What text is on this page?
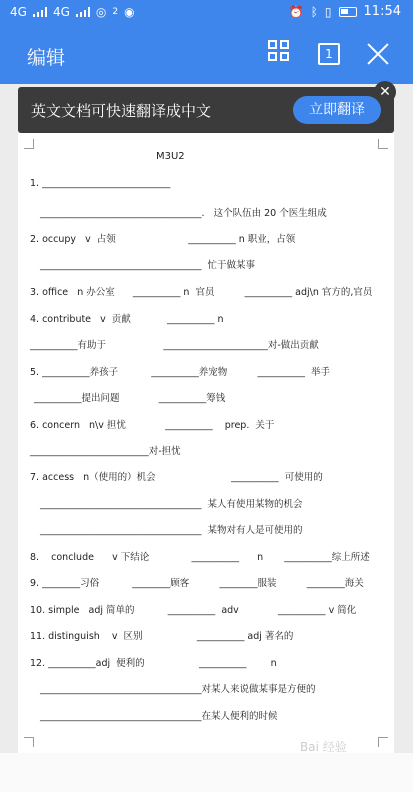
4G 4G ◎ 2 ◉	⏰ ᛒ ▯ 11:54
编辑	1
英文文档可快速翻译成中文	立即翻译
✕
M3U2
1. ___________________________
__________________________________.   这个队伍由 20 个医生组成
2. occupy   v  占领                        __________ n 职业，占领
__________________________________  忙于做某事
3. office   n 办公室      __________ n  官员          __________ adj\n 官方的,官员
4. contribute   v  贡献            __________ n
__________有助于                   ______________________对-做出贡献
5. __________养孩子           __________养宠物          __________  举手
__________提出问题             __________筹钱
6. concern   n\v 担忧             __________    prep.  关于
_________________________对-担忧
7. access   n（使用的）机会                         __________  可使用的
__________________________________  某人有使用某物的机会
__________________________________  某物对有人是可使用的
8.    conclude      v 下结论              __________      n       __________综上所述
9. ________习俗           ________顾客          ________服装          ________海关
10. simple   adj 简单的           __________  adv             __________ v 简化
11. distinguish    v  区别                  __________ adj 著名的
12. __________adj  便利的                  __________        n
__________________________________对某人来说做某事是方便的
__________________________________在某人便利的时候
Bai 经验
